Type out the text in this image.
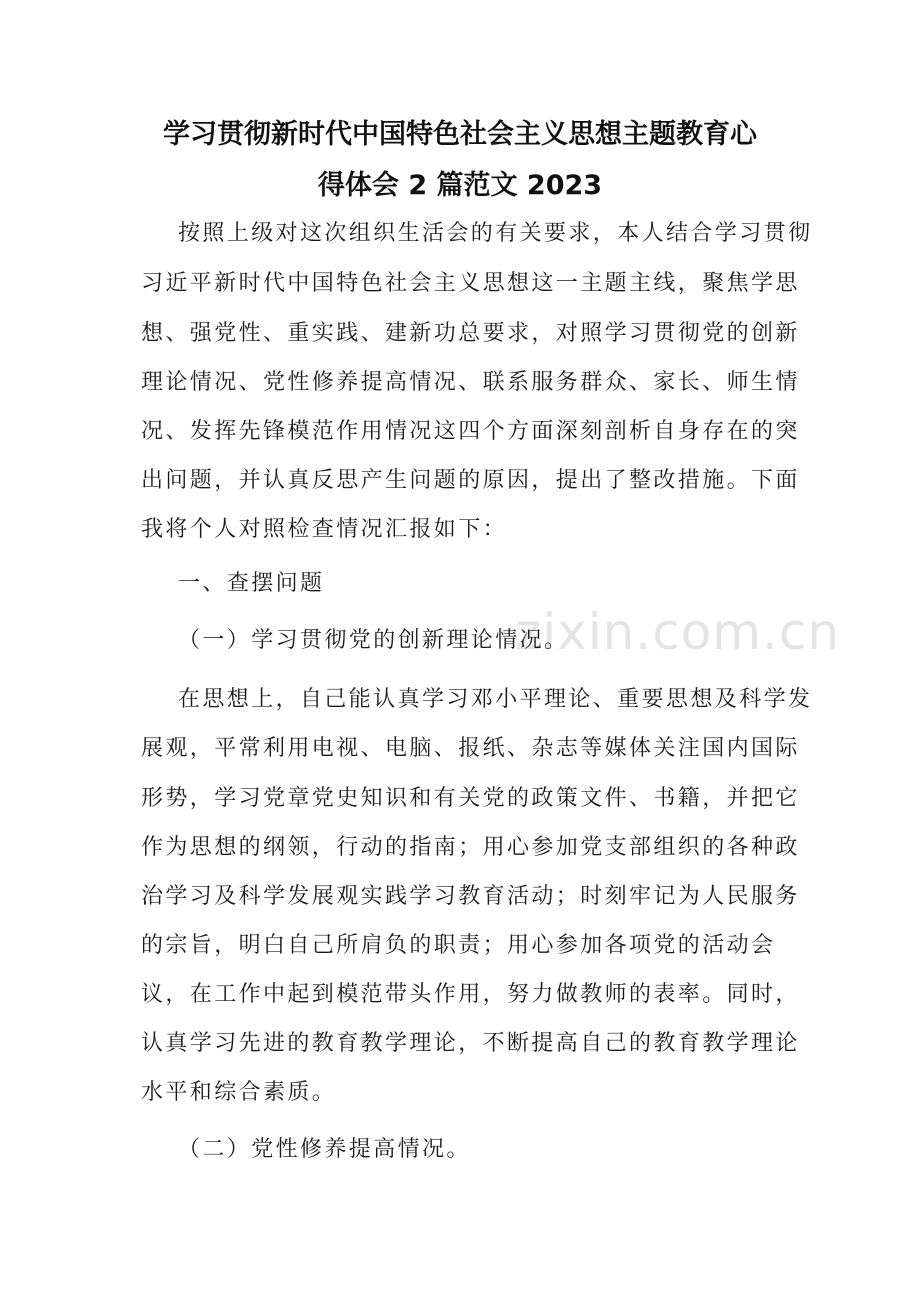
zixin.com.cn
学习贯彻新时代中国特色社会主义思想主题教育心
得体会 2 篇范文 2023
按照上级对这次组织生活会的有关要求，本人结合学习贯彻
习近平新时代中国特色社会主义思想这一主题主线，聚焦学思
想、强党性、重实践、建新功总要求，对照学习贯彻党的创新
理论情况、党性修养提高情况、联系服务群众、家长、师生情
况、发挥先锋模范作用情况这四个方面深刻剖析自身存在的突
出问题，并认真反思产生问题的原因，提出了整改措施。下面
我将个人对照检查情况汇报如下：
一、查摆问题
（一）学习贯彻党的创新理论情况。
在思想上，自己能认真学习邓小平理论、重要思想及科学发
展观，平常利用电视、电脑、报纸、杂志等媒体关注国内国际
形势，学习党章党史知识和有关党的政策文件、书籍，并把它
作为思想的纲领，行动的指南；用心参加党支部组织的各种政
治学习及科学发展观实践学习教育活动；时刻牢记为人民服务
的宗旨，明白自己所肩负的职责；用心参加各项党的活动会
议，在工作中起到模范带头作用，努力做教师的表率。同时，
认真学习先进的教育教学理论，不断提高自己的教育教学理论
水平和综合素质。
（二）党性修养提高情况。
